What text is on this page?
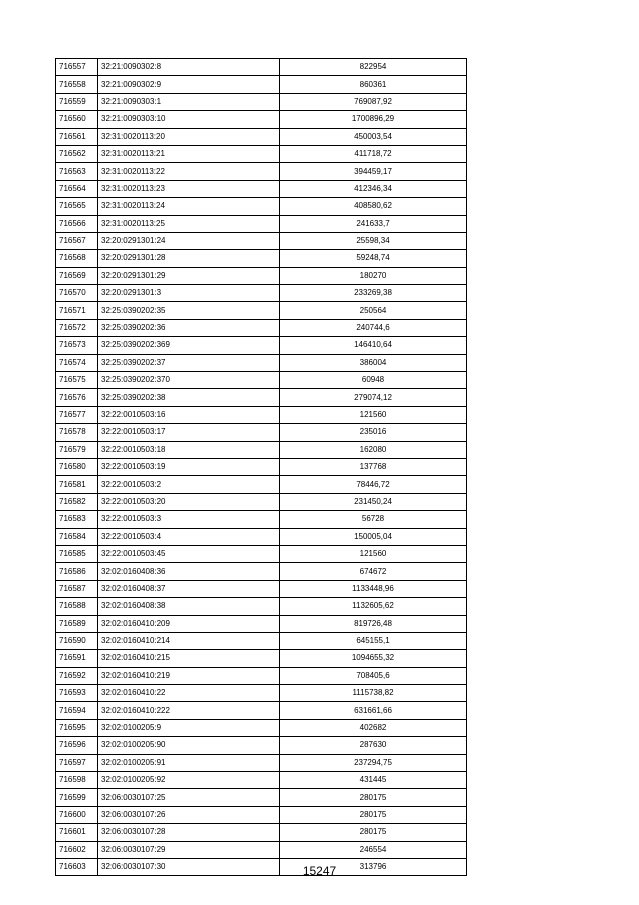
716557	32:21:0090302:8	822954
716558	32:21:0090302:9	860361
716559	32:21:0090303:1	769087,92
716560	32:21:0090303:10	1700896,29
716561	32:31:0020113:20	450003,54
716562	32:31:0020113:21	411718,72
716563	32:31:0020113:22	394459,17
716564	32:31:0020113:23	412346,34
716565	32:31:0020113:24	408580,62
716566	32:31:0020113:25	241633,7
716567	32:20:0291301:24	25598,34
716568	32:20:0291301:28	59248,74
716569	32:20:0291301:29	180270
716570	32:20:0291301:3	233269,38
716571	32:25:0390202:35	250564
716572	32:25:0390202:36	240744,6
716573	32:25:0390202:369	146410,64
716574	32:25:0390202:37	386004
716575	32:25:0390202:370	60948
716576	32:25:0390202:38	279074,12
716577	32:22:0010503:16	121560
716578	32:22:0010503:17	235016
716579	32:22:0010503:18	162080
716580	32:22:0010503:19	137768
716581	32:22:0010503:2	78446,72
716582	32:22:0010503:20	231450,24
716583	32:22:0010503:3	56728
716584	32:22:0010503:4	150005,04
716585	32:22:0010503:45	121560
716586	32:02:0160408:36	674672
716587	32:02:0160408:37	1133448,96
716588	32:02:0160408:38	1132605,62
716589	32:02:0160410:209	819726,48
716590	32:02:0160410:214	645155,1
716591	32:02:0160410:215	1094655,32
716592	32:02:0160410:219	708405,6
716593	32:02:0160410:22	1115738,82
716594	32:02:0160410:222	631661,66
716595	32:02:0100205:9	402682
716596	32:02:0100205:90	287630
716597	32:02:0100205:91	237294,75
716598	32:02:0100205:92	431445
716599	32:06:0030107:25	280175
716600	32:06:0030107:26	280175
716601	32:06:0030107:28	280175
716602	32:06:0030107:29	246554
716603	32:06:0030107:30	313796
15247
